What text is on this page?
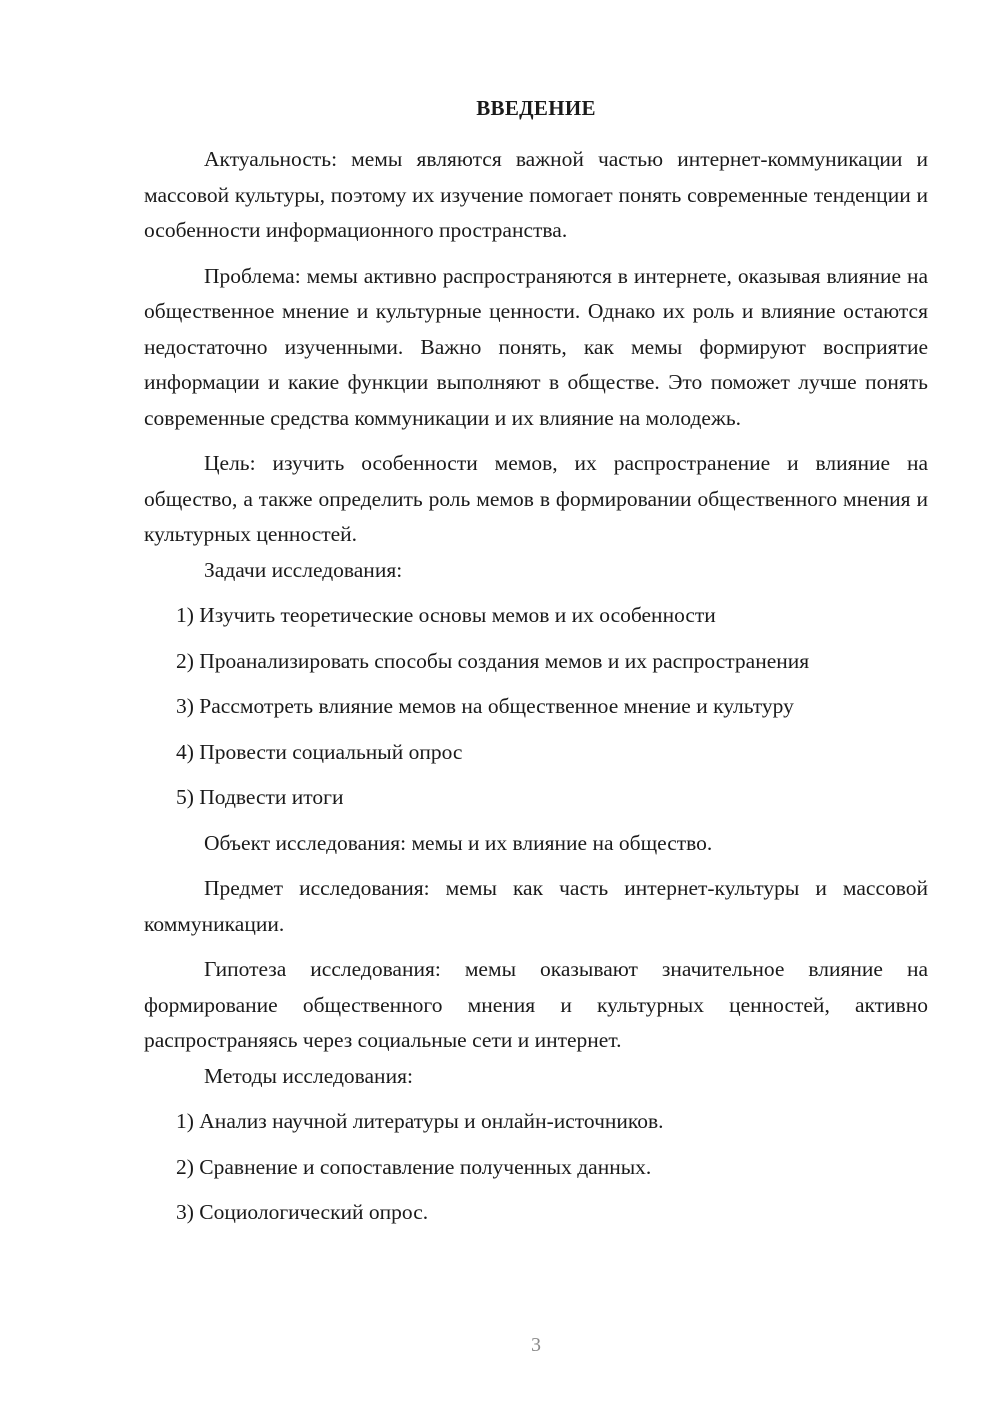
ВВЕДЕНИЕ

Актуальность: мемы являются важной частью интернет-коммуникации и массовой культуры, поэтому их изучение помогает понять современные тенденции и особенности информационного пространства.

Проблема: мемы активно распространяются в интернете, оказывая влияние на общественное мнение и культурные ценности. Однако их роль и влияние остаются недостаточно изученными. Важно понять, как мемы формируют восприятие информации и какие функции выполняют в обществе. Это поможет лучше понять современные средства коммуникации и их влияние на молодежь.

Цель: изучить особенности мемов, их распространение и влияние на общество, а также определить роль мемов в формировании общественного мнения и культурных ценностей.

Задачи исследования:

1) Изучить теоретические основы мемов и их особенности

2) Проанализировать способы создания мемов и их распространения

3) Рассмотреть влияние мемов на общественное мнение и культуру

4) Провести социальный опрос

5) Подвести итоги

Объект исследования: мемы и их влияние на общество.

Предмет исследования: мемы как часть интернет-культуры и массовой коммуникации.

Гипотеза исследования: мемы оказывают значительное влияние на формирование общественного мнения и культурных ценностей, активно распространяясь через социальные сети и интернет.

Методы исследования:

1) Анализ научной литературы и онлайн-источников.

2) Сравнение и сопоставление полученных данных.

3) Социологический опрос.

3
